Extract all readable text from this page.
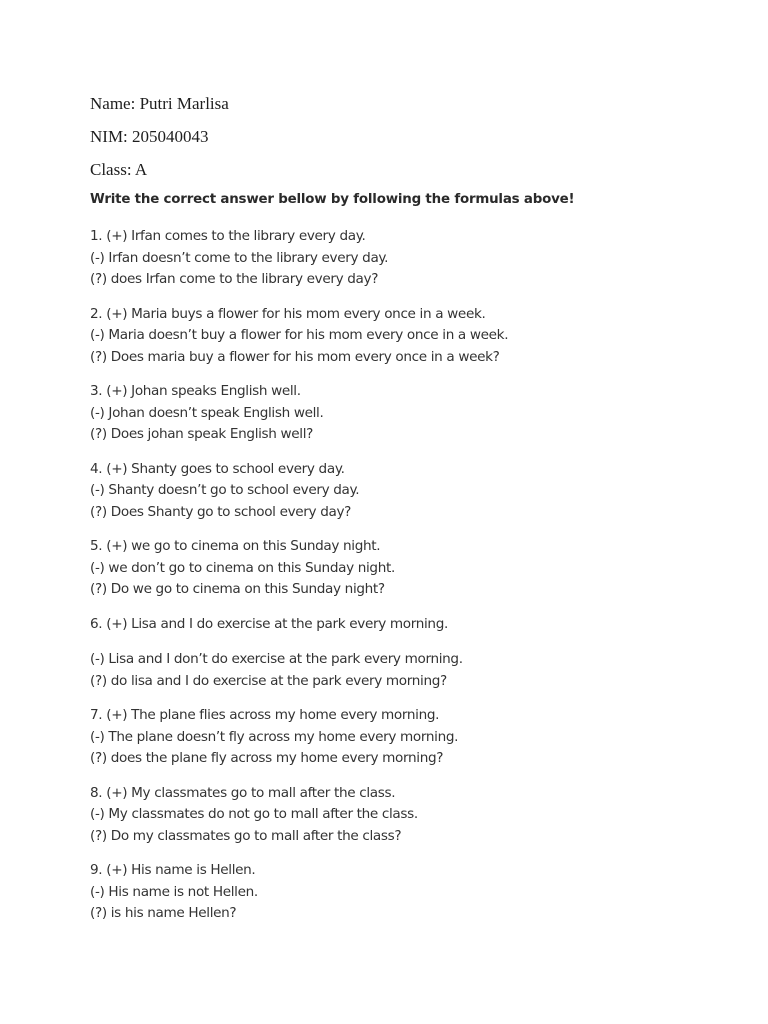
Name: Putri Marlisa
NIM: 205040043
Class: A
Write the correct answer bellow by following the formulas above!
1. (+) Irfan comes to the library every day.
(-) Irfan doesn’t come to the library every day.
(?) does Irfan come to the library every day?
2. (+) Maria buys a flower for his mom every once in a week.
(-) Maria doesn’t buy a flower for his mom every once in a week.
(?) Does maria buy a flower for his mom every once in a week?
3. (+) Johan speaks English well.
(-) Johan doesn’t speak English well.
(?) Does johan speak English well?
4. (+) Shanty goes to school every day.
(-) Shanty doesn’t go to school every day.
(?) Does Shanty go to school every day?
5. (+) we go to cinema on this Sunday night.
(-) we don’t go to cinema on this Sunday night.
(?) Do we go to cinema on this Sunday night?
6. (+) Lisa and I do exercise at the park every morning.
(-) Lisa and I don’t do exercise at the park every morning.
(?) do lisa and I do exercise at the park every morning?
7. (+) The plane flies across my home every morning.
(-) The plane doesn’t fly across my home every morning.
(?) does the plane fly across my home every morning?
8. (+) My classmates go to mall after the class.
(-) My classmates do not go to mall after the class.
(?) Do my classmates go to mall after the class?
9. (+) His name is Hellen.
(-) His name is not Hellen.
(?) is his name Hellen?
